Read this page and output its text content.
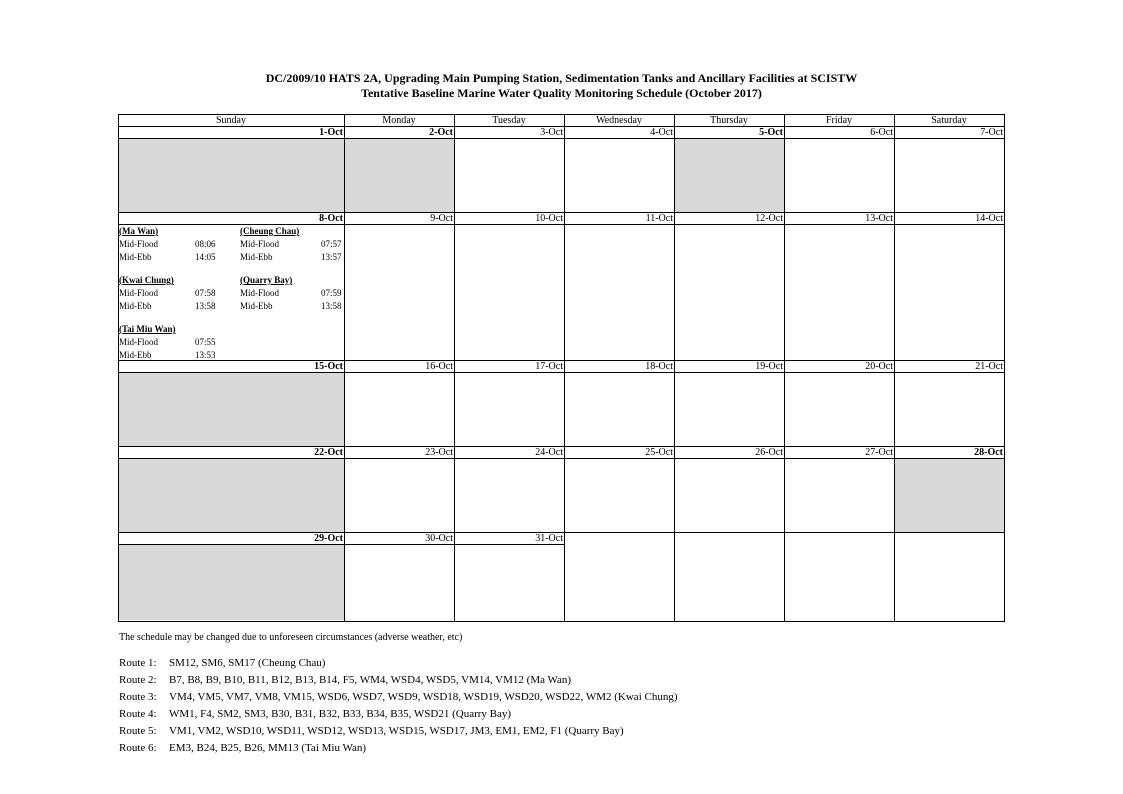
DC/2009/10 HATS 2A, Upgrading Main Pumping Station, Sedimentation Tanks and Ancillary Facilities at SCISTW
Tentative Baseline Marine Water Quality Monitoring Schedule (October 2017)
(Ma Wan)
Mid-Flood	08:06
Mid-Ebb	14:05
(Cheung Chau)
Mid-Flood	07:57
Mid-Ebb	13:57
(Kwai Chung)
Mid-Flood	07:58
Mid-Ebb	13:58
(Quarry Bay)
Mid-Flood	07:59
Mid-Ebb	13:58
(Tai Miu Wan)
Mid-Flood	07:55
Mid-Ebb	13:53
Sunday	Monday	Tuesday	Wednesday	Thursday	Friday	Saturday
1-Oct	2-Oct	3-Oct	4-Oct	5-Oct	6-Oct	7-Oct
8-Oct	9-Oct	10-Oct	11-Oct	12-Oct	13-Oct	14-Oct
15-Oct	16-Oct	17-Oct	18-Oct	19-Oct	20-Oct	21-Oct
22-Oct	23-Oct	24-Oct	25-Oct	26-Oct	27-Oct	28-Oct
29-Oct	30-Oct	31-Oct
The schedule may be changed due to unforeseen circumstances (adverse weather, etc)
Route 1: SM12, SM6, SM17 (Cheung Chau)
Route 2: B7, B8, B9, B10, B11, B12, B13, B14, F5, WM4, WSD4, WSD5, VM14, VM12 (Ma Wan)
Route 3: VM4, VM5, VM7, VM8, VM15, WSD6, WSD7, WSD9, WSD18, WSD19, WSD20, WSD22, WM2 (Kwai Chung)
Route 4: WM1, F4, SM2, SM3, B30, B31, B32, B33, B34, B35, WSD21 (Quarry Bay)
Route 5: VM1, VM2, WSD10, WSD11, WSD12, WSD13, WSD15, WSD17, JM3, EM1, EM2, F1 (Quarry Bay)
Route 6: EM3, B24, B25, B26, MM13 (Tai Miu Wan)
